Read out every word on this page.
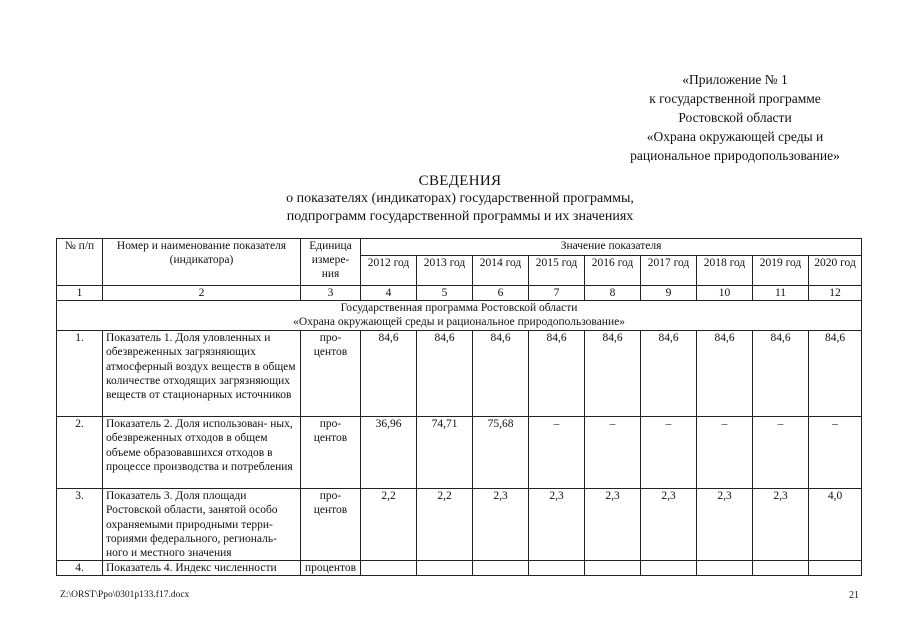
«Приложение № 1
к государственной программе
Ростовской области
«Охрана окружающей среды и
рациональное природопользование»
СВЕДЕНИЯ
о показателях (индикаторах) государственной программы,
подпрограмм государственной программы и их значениях
№ п/п	Номер и наименование показателя (индикатора)	Единица измере- ния	Значение показателя								
			2012 год	2013 год	2014 год	2015 год	2016 год	2017 год	2018 год	2019 год	2020 год
1	2	3	4	5	6	7	8	9	10	11	12

Государственная программа Ростовской области
«Охрана окружающей среды и рациональное природопользование»											

1.	Показатель 1. Доля уловленных и обезвреженных загрязняющих атмосферный воздух веществ в общем количестве отходящих загрязняющих веществ от стационарных источников	про- центов	84,6	84,6	84,6	84,6	84,6	84,6	84,6	84,6	84,6
2.	Показатель 2. Доля использован- ных, обезвреженных отходов в общем объеме образовавшихся отходов в процессе производства и потребления	про- центов	36,96	74,71	75,68	–	–	–	–	–	–
3.	Показатель 3. Доля площади Ростовской области, занятой особо охраняемыми природными терри- ториями федерального, региональ- ного и местного значения	про- центов	2,2	2,2	2,3	2,3	2,3	2,3	2,3	2,3	4,0
4.	Показатель 4. Индекс численности	процентов									
Z:\ORST\Ppo\0301p133.f17.docx	21
